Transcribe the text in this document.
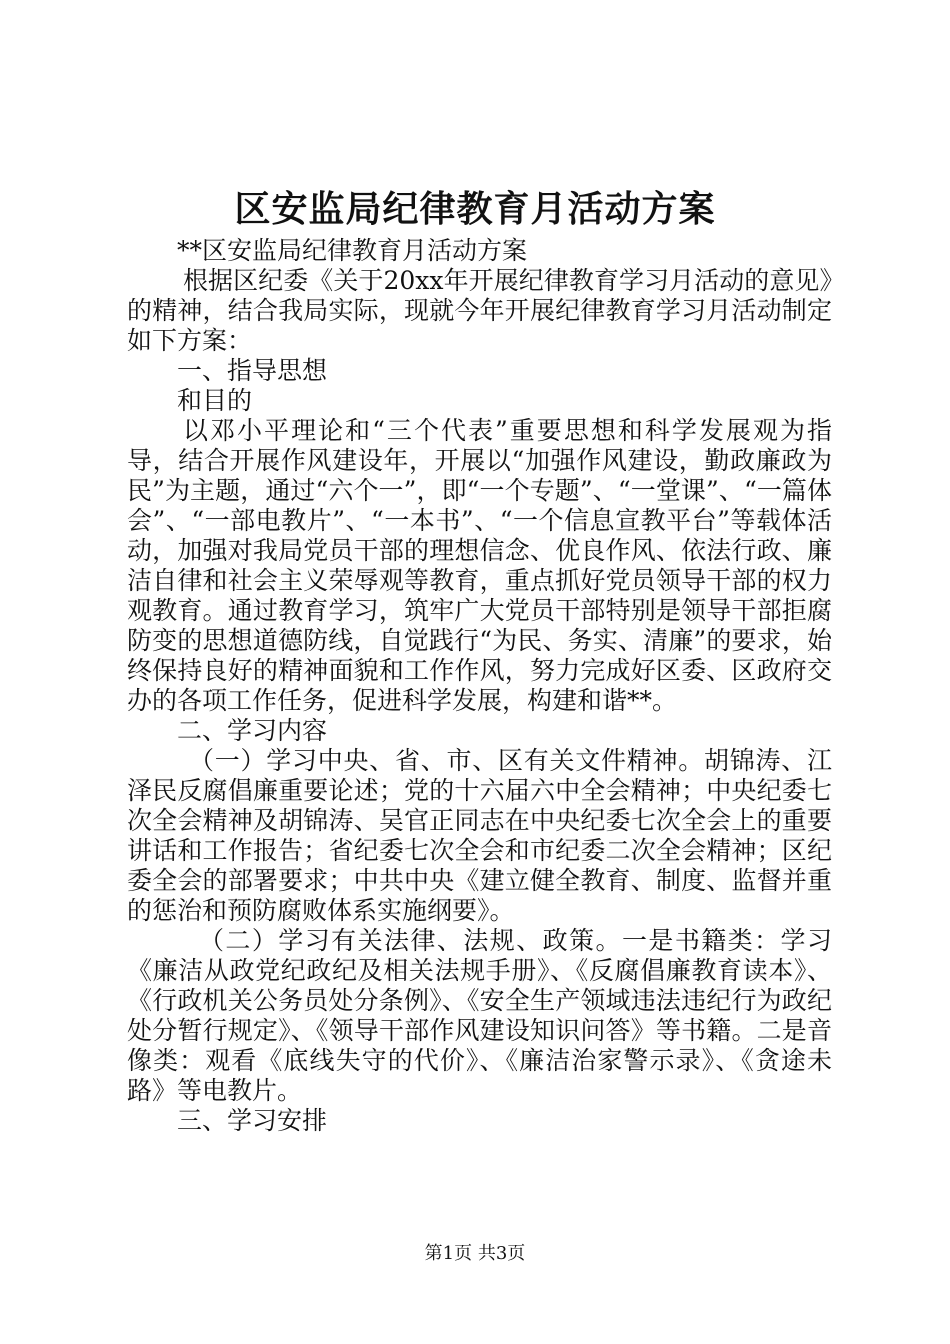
区安监局纪律教育月活动方案

**区安监局纪律教育月活动方案

根据区纪委《关于20xx年开展纪律教育学习月活动的意见》的精神，结合我局实际，现就今年开展纪律教育学习月活动制定如下方案：

一、指导思想

和目的

以邓小平理论和“三个代表”重要思想和科学发展观为指导，结合开展作风建设年，开展以“加强作风建设，勤政廉政为民”为主题，通过“六个一”，即“一个专题”、“一堂课”、“一篇体会”、“一部电教片”、“一本书”、“一个信息宣教平台”等载体活动，加强对我局党员干部的理想信念、优良作风、依法行政、廉洁自律和社会主义荣辱观等教育，重点抓好党员领导干部的权力观教育。通过教育学习，筑牢广大党员干部特别是领导干部拒腐防变的思想道德防线，自觉践行“为民、务实、清廉”的要求，始终保持良好的精神面貌和工作作风，努力完成好区委、区政府交办的各项工作任务，促进科学发展，构建和谐**。

二、学习内容

（一）学习中央、省、市、区有关文件精神。胡锦涛、江泽民反腐倡廉重要论述；党的十六届六中全会精神；中央纪委七次全会精神及胡锦涛、吴官正同志在中央纪委七次全会上的重要讲话和工作报告；省纪委七次全会和市纪委二次全会精神；区纪委全会的部署要求；中共中央《建立健全教育、制度、监督并重的惩治和预防腐败体系实施纲要》。

（二）学习有关法律、法规、政策。一是书籍类：学习《廉洁从政党纪政纪及相关法规手册》、《反腐倡廉教育读本》、《行政机关公务员处分条例》、《安全生产领域违法违纪行为政纪处分暂行规定》、《领导干部作风建设知识问答》等书籍。二是音像类：观看《底线失守的代价》、《廉洁治家警示录》、《贪途未路》等电教片。

三、学习安排

第1页 共3页
